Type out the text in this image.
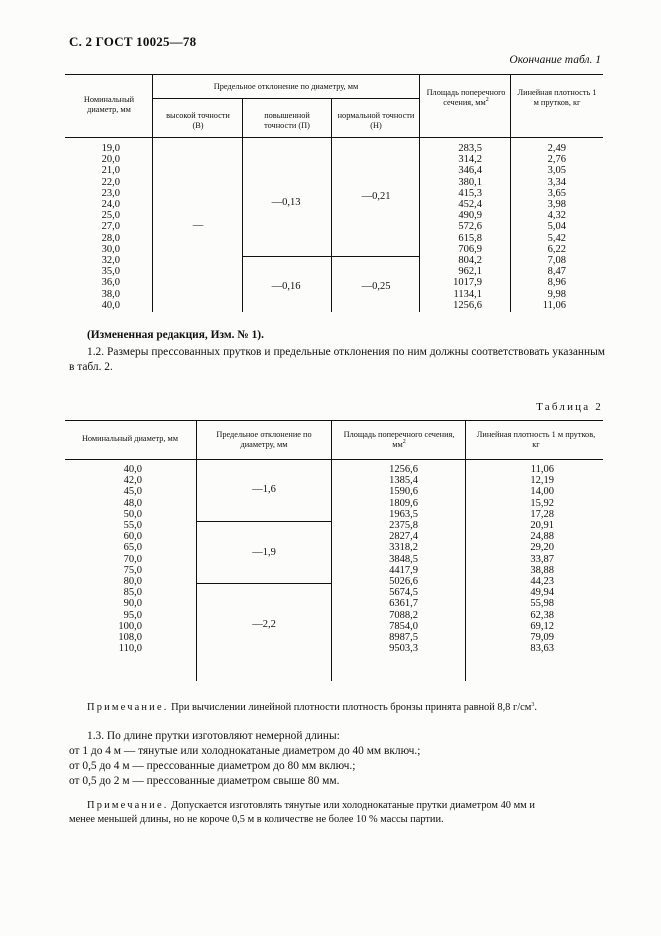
С. 2 ГОСТ 10025—78
Окончание табл. 1
Номинальный диаметр, мм
Предельное отклонение по диаметру, мм
высокой точности (В)
повышенной точности (П)
нормальной точности (Н)
Площадь поперечного сечения, $мм^2$
Линейная плотность 1 м прутков, кг
19,0
20,0
21,0
22,0
23,0
24,0
25,0
27,0
28,0
30,0
32,0
35,0
36,0
38,0
40,0
283,5
314,2
346,4
380,1
415,3
452,4
490,9
572,6
615,8
706,9
804,2
962,1
1017,9
1134,1
1256,6
2,49
2,76
3,05
3,34
3,65
3,98
4,32
5,04
5,42
6,22
7,08
8,47
8,96
9,98
11,06
—
—0,13
—0,16
—0,21
—0,25
(Измененная редакция, Изм. № 1).
1.2. Размеры прессованных прутков и предельные отклонения по ним должны соответствовать указанным в табл. 2.
Таблица 2
Номинальный диаметр, мм	Предельное отклонение по диаметру, мм
Площадь поперечного сечения, $мм^2$
Линейная плотность 1 м прутков, кг
40,0
42,0
45,0
48,0
50,0
55,0
60,0
65,0
70,0
75,0
80,0
85,0
90,0
95,0
100,0
108,0
110,0
1256,6
1385,4
1590,6
1809,6
1963,5
2375,8
2827,4
3318,2
3848,5
4417,9
5026,6
5674,5
6361,7
7088,2
7854,0
8987,5
9503,3
11,06
12,19
14,00
15,92
17,28
20,91
24,88
29,20
33,87
38,88
44,23
49,94
55,98
62,38
69,12
79,09
83,63
—1,6
—1,9
—2,2
Примечание. При вычислении линейной плотности плотность бронзы принята равной 8,8 $г/см^3$.
1.3. По длине прутки изготовляют немерной длины:
от 1 до 4 м — тянутые или холоднокатаные диаметром до 40 мм включ.;
от 0,5 до 4 м — прессованные диаметром до 80 мм включ.;
от 0,5 до 2 м — прессованные диаметром свыше 80 мм.
Примечание. Допускается изготовлять тянутые или холоднокатаные прутки диаметром 40 мм и
менее меньшей длины, но не короче 0,5 м в количестве не более 10 % массы партии.
